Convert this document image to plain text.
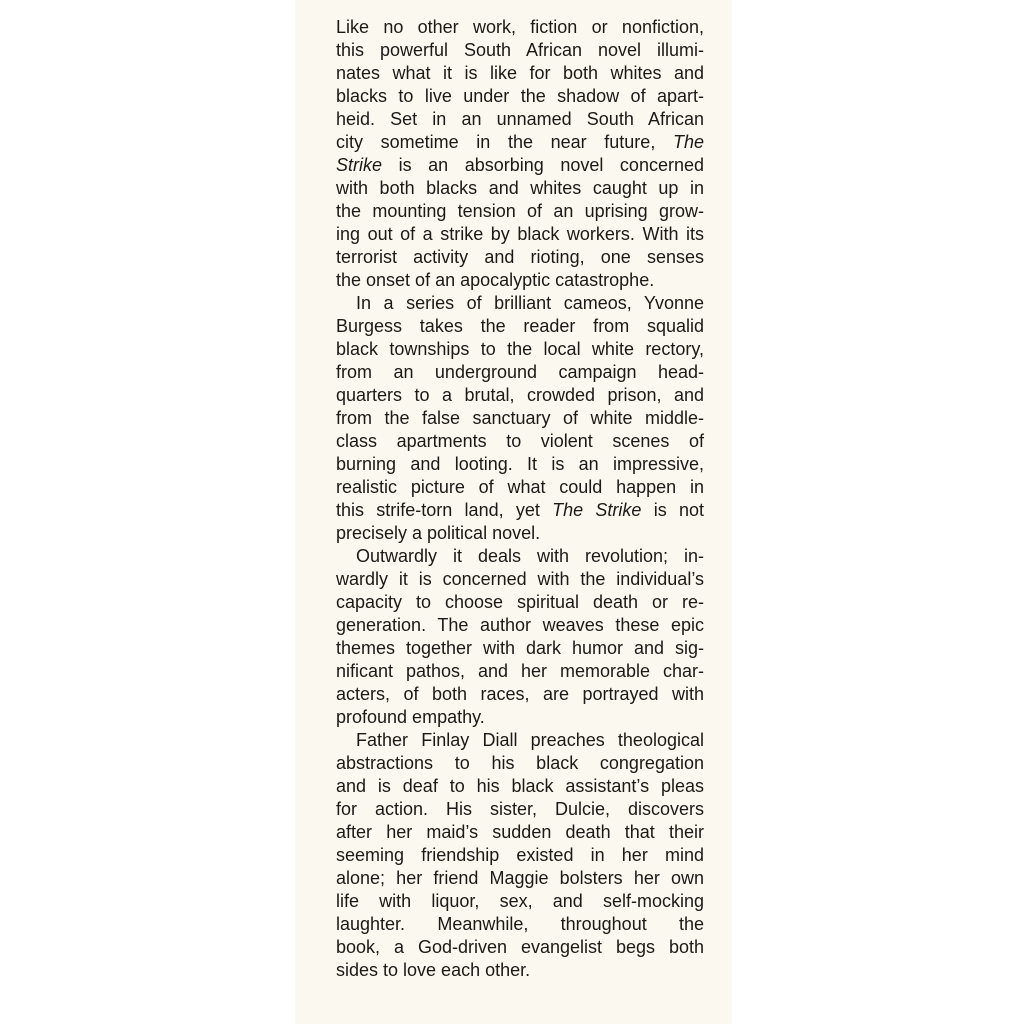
Like no other work, fiction or nonfiction,
this powerful South African novel illumi-
nates what it is like for both whites and
blacks to live under the shadow of apart-
heid. Set in an unnamed South African
city sometime in the near future, The
Strike is an absorbing novel concerned
with both blacks and whites caught up in
the mounting tension of an uprising grow-
ing out of a strike by black workers. With its
terrorist activity and rioting, one senses
the onset of an apocalyptic catastrophe.
In a series of brilliant cameos, Yvonne
Burgess takes the reader from squalid
black townships to the local white rectory,
from an underground campaign head-
quarters to a brutal, crowded prison, and
from the false sanctuary of white middle-
class apartments to violent scenes of
burning and looting. It is an impressive,
realistic picture of what could happen in
this strife-torn land, yet The Strike is not
precisely a political novel.
Outwardly it deals with revolution; in-
wardly it is concerned with the individual’s
capacity to choose spiritual death or re-
generation. The author weaves these epic
themes together with dark humor and sig-
nificant pathos, and her memorable char-
acters, of both races, are portrayed with
profound empathy.
Father Finlay Diall preaches theological
abstractions to his black congregation
and is deaf to his black assistant’s pleas
for action. His sister, Dulcie, discovers
after her maid’s sudden death that their
seeming friendship existed in her mind
alone; her friend Maggie bolsters her own
life with liquor, sex, and self-mocking
laughter. Meanwhile, throughout the
book, a God-driven evangelist begs both
sides to love each other.
